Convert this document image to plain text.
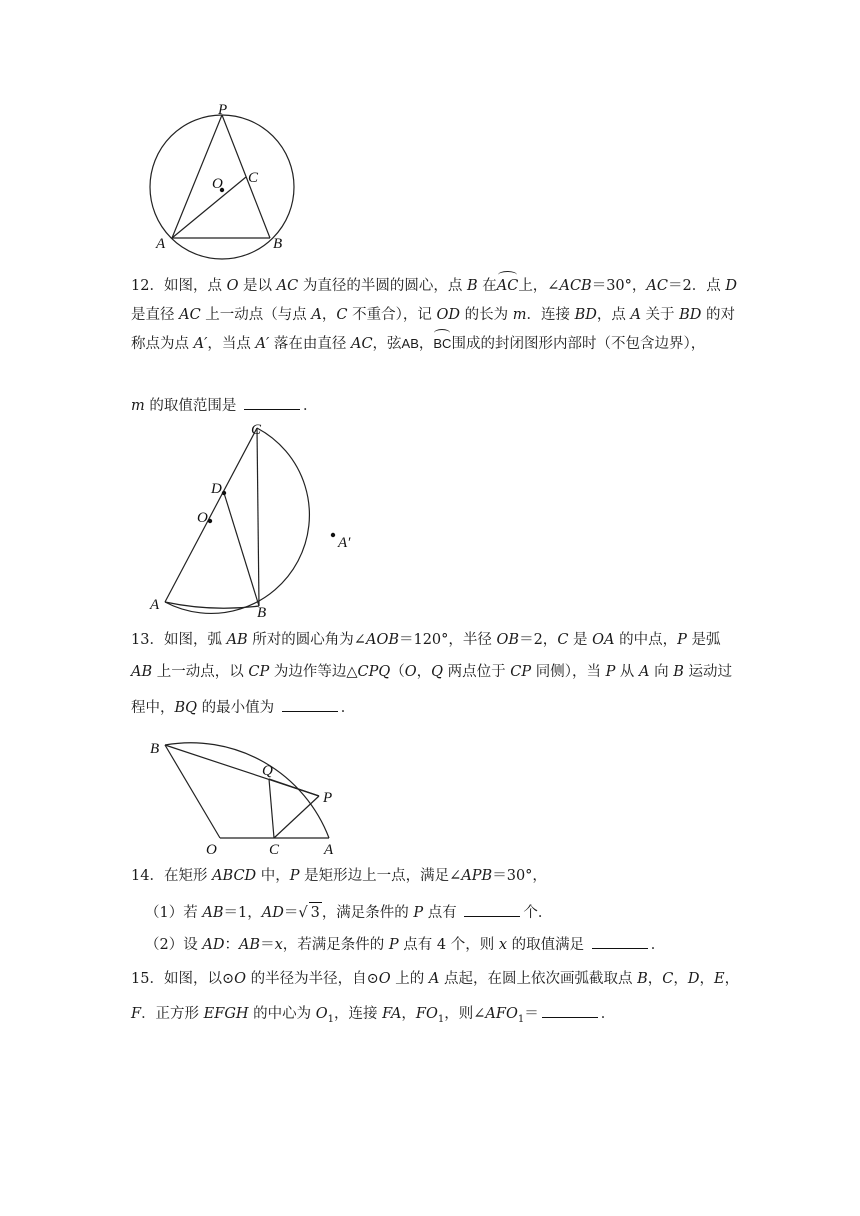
P
O C
A	B
12．如图，点 O 是以 AC 为直径的半圆的圆心，点 B 在AC上，∠ACB＝30°，AC＝2．点 D
是直径 AC 上一动点（与点 A，C 不重合），记 OD 的长为 m．连接 BD，点 A 关于 BD 的对
称点为点 A′，当点 A′ 落在由直径 AC，弦AB，BC围成的封闭图形内部时（不包含边界），
m 的取值范围是	．
C
D
O
A	B
A′
13．如图，弧 AB 所对的圆心角为∠AOB＝120°，半径 OB＝2，C 是 OA 的中点，P 是弧
AB 上一动点，以 CP 为边作等边△CPQ（O，Q 两点位于 CP 同侧），当 P 从 A 向 B 运动过
程中，BQ 的最小值为	．
B
Q
P
O	C	A
14．在矩形 ABCD 中，P 是矩形边上一点，满足∠APB＝30°，
（1）若 AB＝1，AD＝√ 3 ，满足条件的 P 点有	个．
（2）设 AD：AB＝x，若满足条件的 P 点有 4 个，则 x 的取值满足	．
15．如图，以⊙O 的半径为半径，自⊙O 上的 A 点起，在圆上依次画弧截取点 B，C，D，E，
F．正方形 EFGH 的中心为 $O_1$，连接 FA，$FO_1$，则$\angle AFO_1=$	．
